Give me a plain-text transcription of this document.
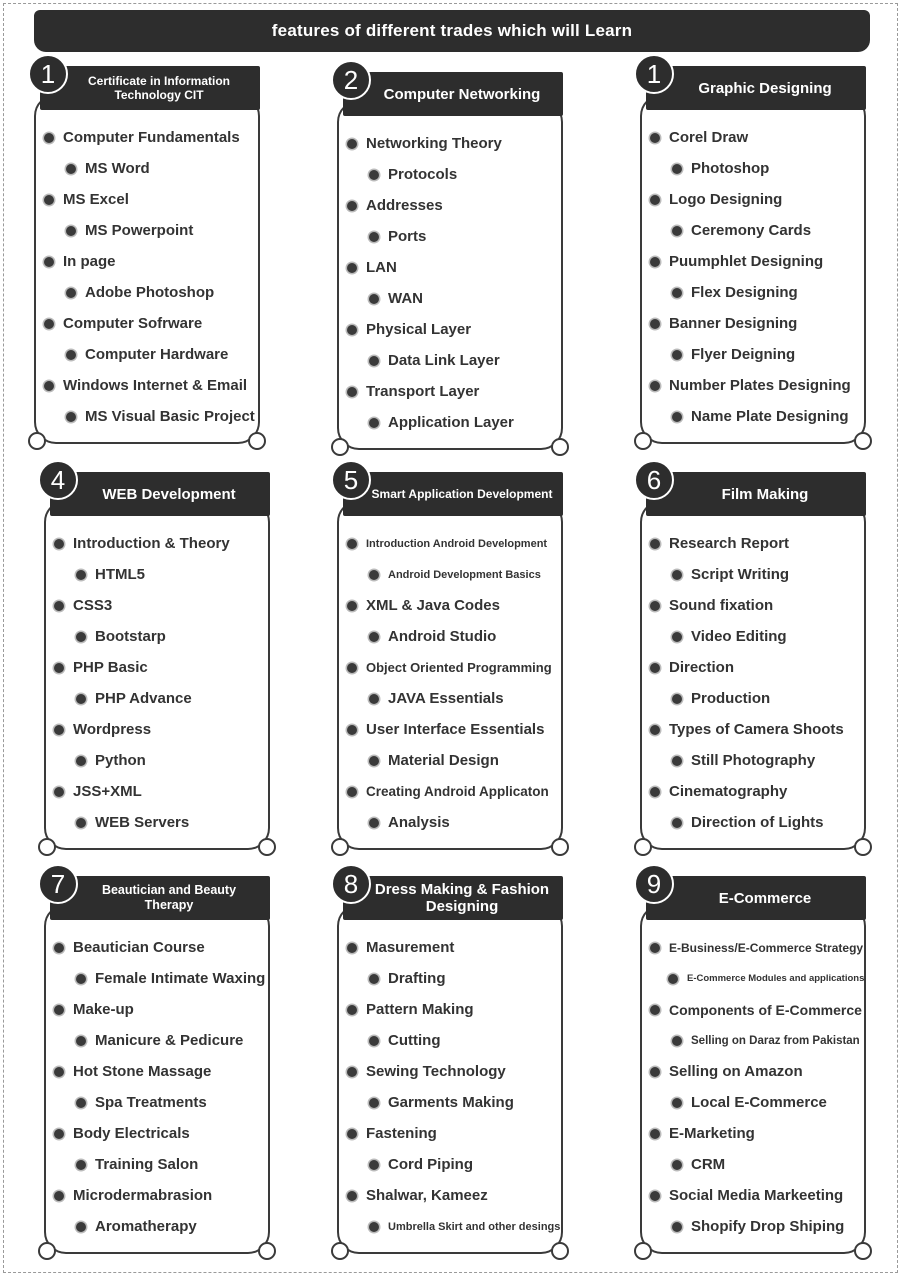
features of different trades which will Learn
Certificate in Information Technology CIT
1
Computer Fundamentals
MS Word
MS Excel
MS Powerpoint
In page
Adobe Photoshop
Computer Sofrware
Computer Hardware
Windows Internet & Email
MS Visual Basic Project
Computer Networking
2
Networking Theory
Protocols
Addresses
Ports
LAN
WAN
Physical Layer
Data Link Layer
Transport Layer
Application Layer
Graphic Designing
1
Corel Draw
Photoshop
Logo Designing
Ceremony Cards
Puumphlet Designing
Flex Designing
Banner Designing
Flyer Deigning
Number Plates Designing
Name Plate Designing
WEB Development
4
Introduction & Theory
HTML5
CSS3
Bootstarp
PHP Basic
PHP Advance
Wordpress
Python
JSS+XML
WEB Servers
Smart Application Development
5
Introduction Android Development
Android Development Basics
XML & Java Codes
Android Studio
Object Oriented Programming
JAVA Essentials
User Interface Essentials
Material Design
Creating Android Applicaton
Analysis
Film Making
6
Research Report
Script Writing
Sound fixation
Video Editing
Direction
Production
Types of Camera Shoots
Still Photography
Cinematography
Direction of Lights
Beautician and Beauty Therapy
7
Beautician Course
Female Intimate Waxing
Make-up
Manicure & Pedicure
Hot Stone Massage
Spa Treatments
Body Electricals
Training Salon
Microdermabrasion
Aromatherapy
Dress Making & Fashion Designing
8
Masurement
Drafting
Pattern Making
Cutting
Sewing Technology
Garments Making
Fastening
Cord Piping
Shalwar, Kameez
Umbrella Skirt and other desings
E-Commerce
9
E-Business/E-Commerce Strategy
E-Commerce Modules and applications
Components of E-Commerce
Selling on Daraz from Pakistan
Selling on Amazon
Local E-Commerce
E-Marketing
CRM
Social Media Markeeting
Shopify Drop Shiping
